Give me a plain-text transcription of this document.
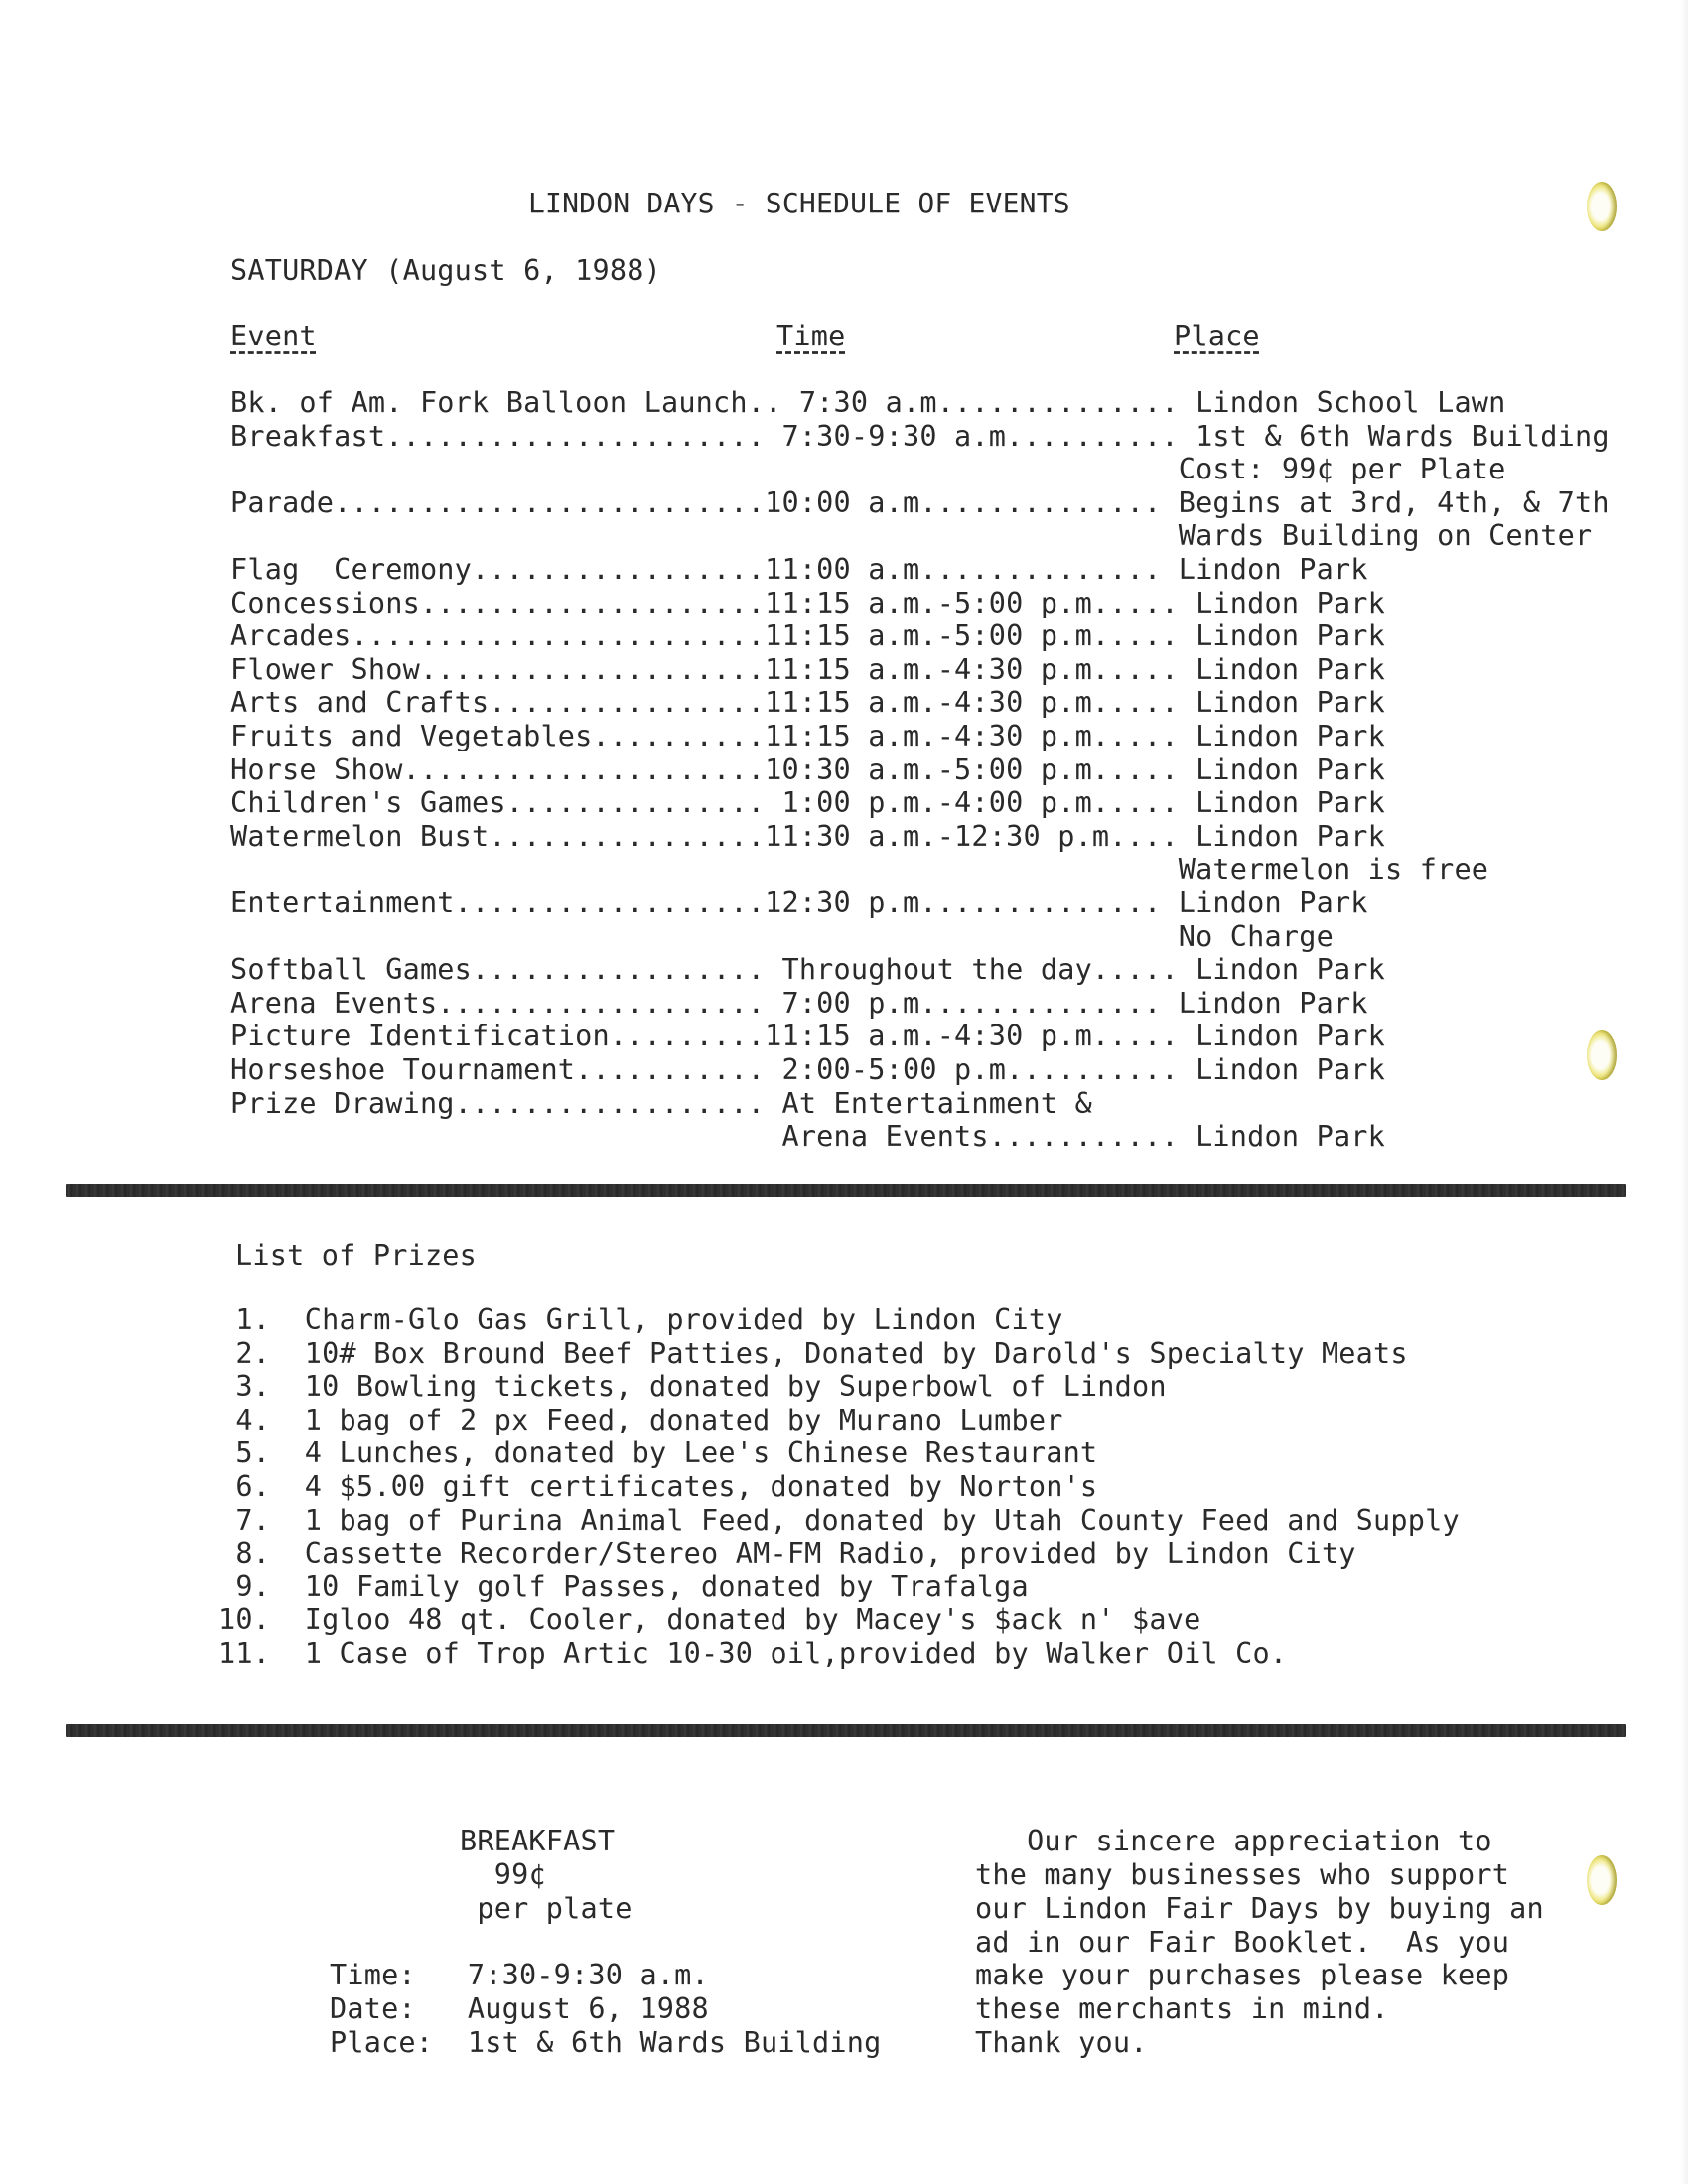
LINDON DAYS - SCHEDULE OF EVENTS
SATURDAY (August 6, 1988)
Event	Time	Place
Bk. of Am. Fork Balloon Launch.. 7:30 a.m.............. Lindon School Lawn
Breakfast...................... 7:30-9:30 a.m.......... 1st & 6th Wards Building
Cost: 99¢ per Plate
Parade.........................10:00 a.m.............. Begins at 3rd, 4th, & 7th
Wards Building on Center
Flag  Ceremony.................11:00 a.m.............. Lindon Park
Concessions....................11:15 a.m.-5:00 p.m..... Lindon Park
Arcades........................11:15 a.m.-5:00 p.m..... Lindon Park
Flower Show....................11:15 a.m.-4:30 p.m..... Lindon Park
Arts and Crafts................11:15 a.m.-4:30 p.m..... Lindon Park
Fruits and Vegetables..........11:15 a.m.-4:30 p.m..... Lindon Park
Horse Show.....................10:30 a.m.-5:00 p.m..... Lindon Park
Children's Games............... 1:00 p.m.-4:00 p.m..... Lindon Park
Watermelon Bust................11:30 a.m.-12:30 p.m.... Lindon Park
Watermelon is free
Entertainment..................12:30 p.m.............. Lindon Park
No Charge
Softball Games................. Throughout the day..... Lindon Park
Arena Events................... 7:00 p.m.............. Lindon Park
Picture Identification.........11:15 a.m.-4:30 p.m..... Lindon Park
Horseshoe Tournament........... 2:00-5:00 p.m.......... Lindon Park
Prize Drawing.................. At Entertainment &
Arena Events........... Lindon Park
List of Prizes
1.  Charm-Glo Gas Grill, provided by Lindon City
2.  10# Box Bround Beef Patties, Donated by Darold's Specialty Meats
3.  10 Bowling tickets, donated by Superbowl of Lindon
4.  1 bag of 2 px Feed, donated by Murano Lumber
5.  4 Lunches, donated by Lee's Chinese Restaurant
6.  4 $5.00 gift certificates, donated by Norton's
7.  1 bag of Purina Animal Feed, donated by Utah County Feed and Supply
8.  Cassette Recorder/Stereo AM-FM Radio, provided by Lindon City
9.  10 Family golf Passes, donated by Trafalga
10.  Igloo 48 qt. Cooler, donated by Macey's $ack n' $ave
11.  1 Case of Trop Artic 10-30 oil,provided by Walker Oil Co.
BREAKFAST
99¢
per plate
Time:   7:30-9:30 a.m.
Date:   August 6, 1988
Place:  1st & 6th Wards Building
Our sincere appreciation to
the many businesses who support
our Lindon Fair Days by buying an
ad in our Fair Booklet.  As you
make your purchases please keep
these merchants in mind.
Thank you.
